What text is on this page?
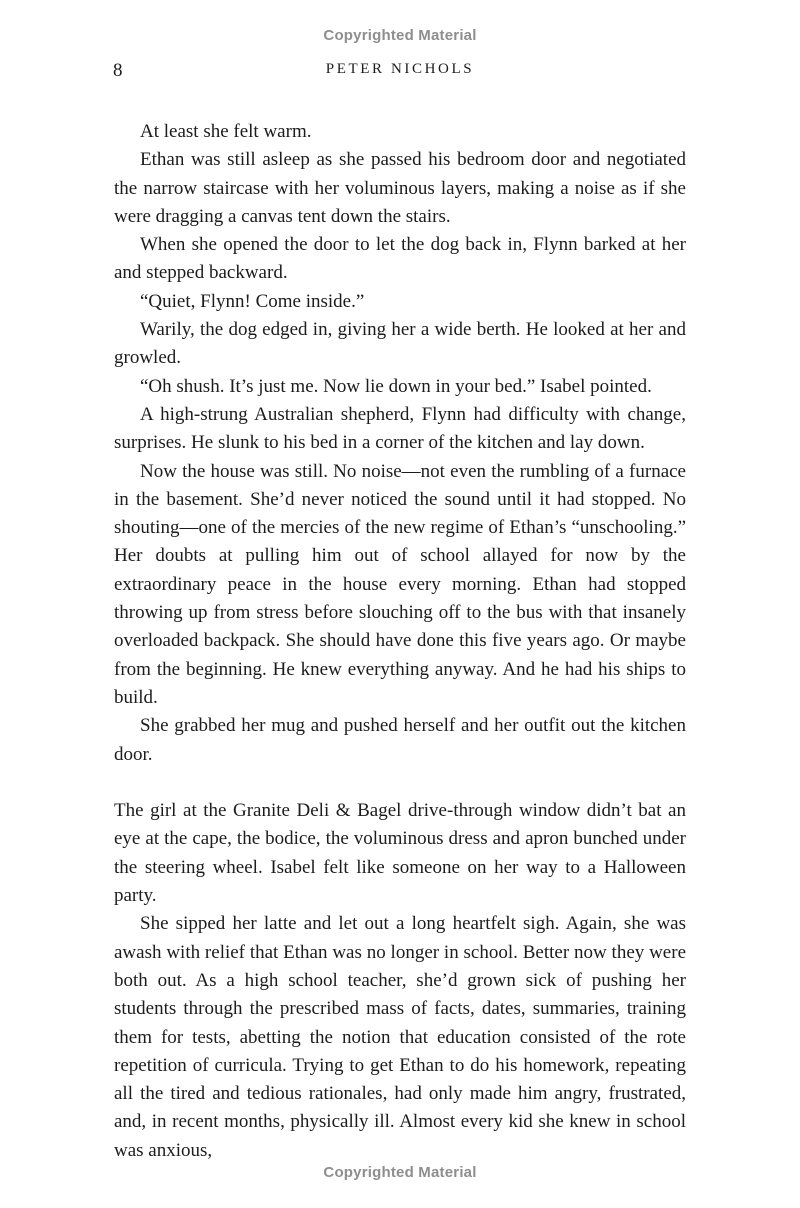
Copyrighted Material
8	PETER NICHOLS

At least she felt warm.

Ethan was still asleep as she passed his bedroom door and negotiated the narrow staircase with her voluminous layers, making a noise as if she were dragging a canvas tent down the stairs.

When she opened the door to let the dog back in, Flynn barked at her and stepped backward.

“Quiet, Flynn! Come inside.”

Warily, the dog edged in, giving her a wide berth. He looked at her and growled.

“Oh shush. It’s just me. Now lie down in your bed.” Isabel pointed.

A high-strung Australian shepherd, Flynn had difficulty with change, surprises. He slunk to his bed in a corner of the kitchen and lay down.

Now the house was still. No noise—not even the rumbling of a furnace in the basement. She’d never noticed the sound until it had stopped. No shouting—one of the mercies of the new regime of Ethan’s “unschooling.” Her doubts at pulling him out of school allayed for now by the extraordinary peace in the house every morning. Ethan had stopped throwing up from stress before slouching off to the bus with that insanely overloaded backpack. She should have done this five years ago. Or maybe from the beginning. He knew everything anyway. And he had his ships to build.

She grabbed her mug and pushed herself and her outfit out the kitchen door.

The girl at the Granite Deli & Bagel drive-through window didn’t bat an eye at the cape, the bodice, the voluminous dress and apron bunched under the steering wheel. Isabel felt like someone on her way to a Halloween party.

She sipped her latte and let out a long heartfelt sigh. Again, she was awash with relief that Ethan was no longer in school. Better now they were both out. As a high school teacher, she’d grown sick of pushing her students through the prescribed mass of facts, dates, summaries, training them for tests, abetting the notion that education consisted of the rote repetition of curricula. Trying to get Ethan to do his homework, repeating all the tired and tedious rationales, had only made him angry, frustrated, and, in recent months, physically ill. Almost every kid she knew in school was anxious,

Copyrighted Material
